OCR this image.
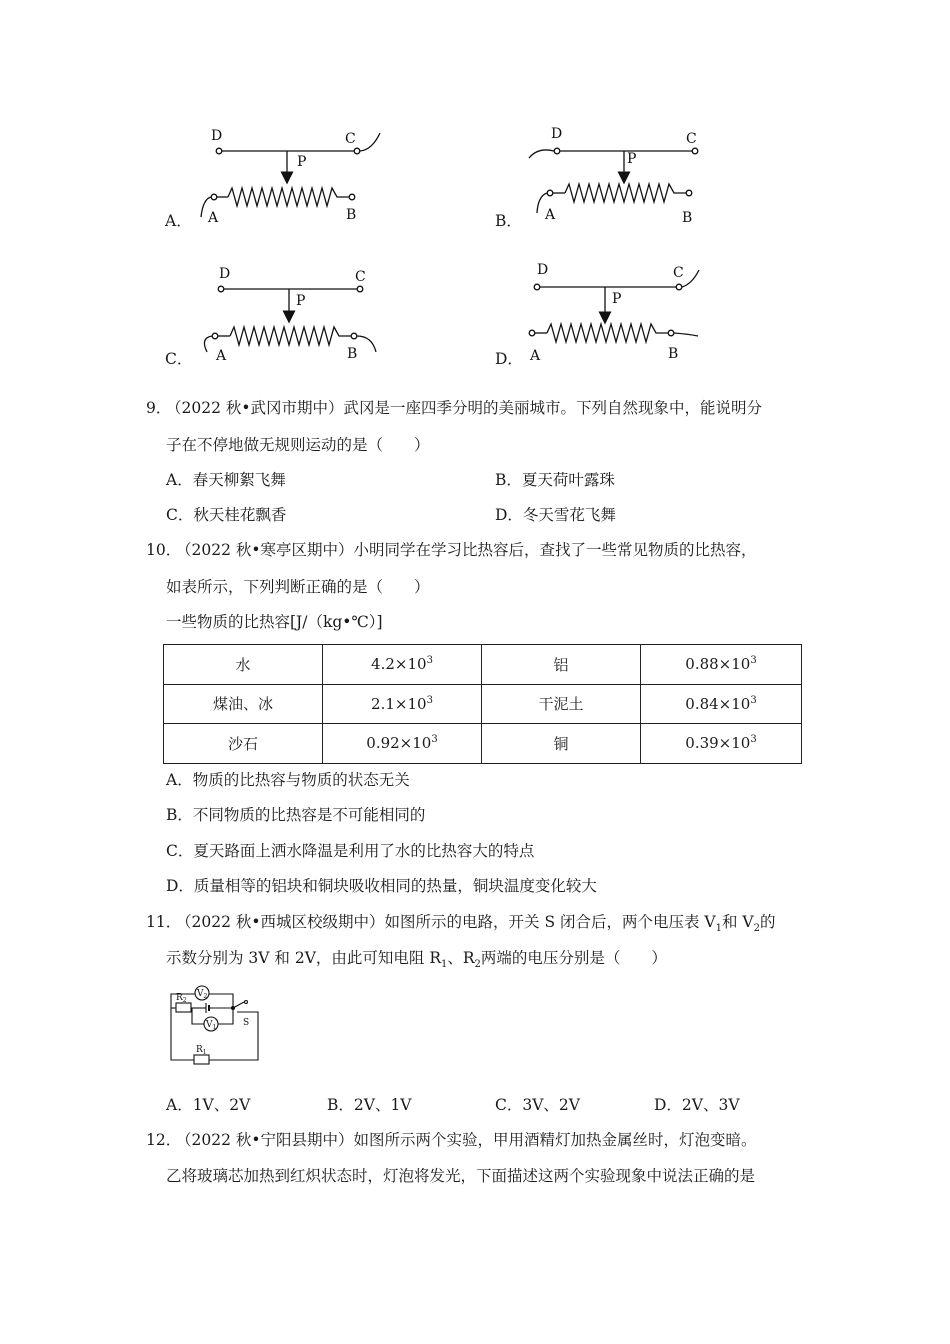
D	C
P
A	B
D	C
P
A	B
D	C
P
A	B
D	C
P
A	B
A．	B．
C．	D．
9．
（2022 秋•武冈市期中）武冈是一座四季分明的美丽城市。下列自然现象中，能说明分
子在不停地做无规则运动的是（　　）
A．春天柳絮飞舞	B．夏天荷叶露珠
C．秋天桂花飘香	D．冬天雪花飞舞
10．
（2022 秋•寒亭区期中）小明同学在学习比热容后，查找了一些常见物质的比热容，
如表所示，下列判断正确的是（　　）
一些物质的比热容[J/（kg•℃）]
水	$4.2\times 10^3$	铝	$0.88\times 10^3$
煤油、冰	$2.1\times 10^3$	干泥土	$0.84\times 10^3$
沙石	$0.92\times 10^3$	铜	$0.39\times 10^3$
A．物质的比热容与物质的状态无关
B．不同物质的比热容是不可能相同的
C．夏天路面上洒水降温是利用了水的比热容大的特点
D．质量相等的铝块和铜块吸收相同的热量，铜块温度变化较大
11．
（2022 秋•西城区校级期中）如图所示的电路，开关 S 闭合后，两个电压表 $V_1$和 $V_2$的
示数分别为 3V 和 2V，由此可知电阻 $R_1$、$R_2$两端的电压分别是（　　）
$R_2$
$R_1$
$V_2$
$V_1$	S
A．1V、2V	B．2V、1V	C．3V、2V	D．2V、3V
12．
（2022 秋•宁阳县期中）如图所示两个实验，甲用酒精灯加热金属丝时，灯泡变暗。
乙将玻璃芯加热到红炽状态时，灯泡将发光，下面描述这两个实验现象中说法正确的是
